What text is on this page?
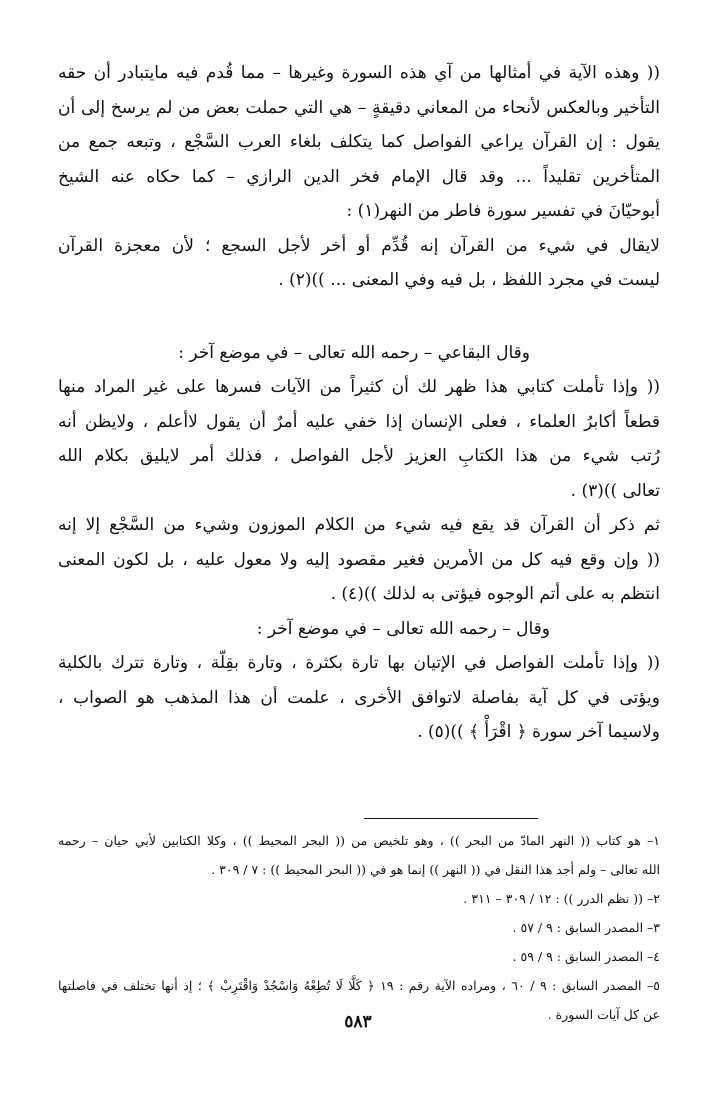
(( وهذه الآية في أمثالها من آي هذه السورة وغيرها – مما قُدم فيه مايتبادر أن حقه
التأخير وبالعكس لأنحاء من المعاني دقيقةٍ – هي التي حملت بعض من لم يرسخ إلى أن
يقول : إن القرآن يراعي الفواصل كما يتكلف بلغاء العرب السَّجْع ، وتبعه جمع من
المتأخرين تقليداً ... وقد قال الإمام فخر الدين الرازي – كما حكاه عنه الشيخ
أبوحيّانَ في تفسير سورة فاطر من النهر(١) :
لايقال في شيء من القرآن إنه قُدِّم أو أخر لأجل السجع ؛ لأن معجزة القرآن
ليست في مجرد اللفظ ، بل فيه وفي المعنى ... ))(٢) .
وقال البقاعي – رحمه الله تعالى – في موضع آخر :
(( وإذا تأملت كتابي هذا ظهر لك أن كثيراً من الآيات فسرها على غير المراد منها
قطعاً أكابرُ العلماء ، فعلى الإنسان إذا خفي عليه أمرٌ أن يقول لاأعلم ، ولايظن أنه
رُتب شيء من هذا الكتابِ العزيز لأجل الفواصل ، فذلك أمر لايليق بكلام الله
تعالى ))(٣) .
ثم ذكر أن القرآن قد يقع فيه شيء من الكلام الموزون وشيء من السَّجْع إلا إنه
(( وإن وقع فيه كل من الأمرين فغير مقصود إليه ولا معول عليه ، بل لكون المعنى
انتظم به على أتم الوجوه فيؤتى به لذلك ))(٤) .
وقال – رحمه الله تعالى – في موضع آخر :
(( وإذا تأملت الفواصل في الإتيان بها تارة بكثرة ، وتارة بقِلّة ، وتارة تترك بالكلية
ويؤتى في كل آية بفاصلة لاتوافق الأخرى ، علمت أن هذا المذهب هو الصواب ،
ولاسيما آخر سورة ﴿ اقْرَأْ ﴾ ))(٥) .
١– هو كتاب (( النهر المادّ من البحر )) ، وهو تلخيص من (( البحر المحيط )) ، وكلا الكتابين لأبي حيان – رحمه
الله تعالى – ولم أجد هذا النقل في (( النهر )) إنما هو في (( البحر المحيط )) : ٧ / ٣٠٩ .
٢– (( نظم الدرر )) : ١٢ / ٣٠٩ – ٣١١ .
٣– المصدر السابق : ٩ / ٥٧ .
٤– المصدر السابق : ٩ / ٥٩ .
٥– المصدر السابق : ٩ / ٦٠ ، ومراده الآية رقم : ١٩ ﴿ كَلَّا لَا تُطِعْهُ وَاسْجُدْ وَاقْتَرِبْ ﴾ ؛ إذ أنها تختلف في فاصلتها
عن كل آيات السورة .
٥٨٣
